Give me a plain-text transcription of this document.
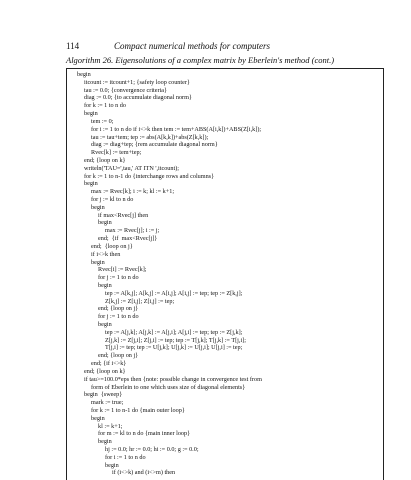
114	Compact numerical methods for computers
Algorithm 26. Eigensolutions of a complex matrix by Eberlein's method (cont.)
begin
itcount := itcount+1; {safety loop counter}
tau := 0.0; {convergence criteria}
diag := 0.0; {to accumulate diagonal norm}
for k := 1 to n do
begin
tem := 0;
for i := 1 to n do if i<>k then tem := tem+ABS(A[i,k])+ABS(Z[i,k]);
tau := tau+tem; tep := abs(A[k,k])+abs(Z[k,k]);
diag := diag+tep; {rem accumulate diagonal norm}
Rvec[k] := tem+tep;
end; {loop on k}
writeln('TAU=',tau,' AT ITN ',itcount);
for k := 1 to n-1 do {interchange rows and columns}
begin
max := Rvec[k]; i := k; kl := k+1;
for j := kl to n do
begin
if max<Rvec[j] then
begin
max := Rvec[j]; i := j;
end;  {if  max<Rvec[j]}
end;  {loop on j}
if i<>k then
begin
Rvec[i] := Rvec[k];
for j := 1 to n do
begin
tep := A[k,j]; A[k,j] := A[i,j]; A[i,j] := tep; tep := Z[k,j];
Z[k,j] := Z[i,j]; Z[i,j] := tep;
end; {loop on j}
for j := 1 to n do
begin
tep := A[j,k]; A[j,k] := A[j,i]; A[j,i] := tep; tep := Z[j,k];
Z[j,k] := Z[j,i]; Z[j,i] := tep; tep := T[j,k]; T[j,k] := T[j,i];
T[j,i] := tep; tep := U[j,k]; U[j,k] := U[j,i]; U[j,i] := tep;
end; {loop on j}
end; {if i<>k}
end; {loop on k}
if tau>=100.0*eps then {note: possible change in convergence test from
form of Eberlein to one which uses size of diagonal elements}
begin  {sweep}
mark := true;
for k := 1 to n-1 do {main outer loop}
begin
kl := k+1;
for m := kl to n do {main inner loop}
begin
hj := 0.0; hr := 0.0; hi := 0.0; g := 0.0;
for i := 1 to n do
begin
if (i<>k) and (i<>m) then
